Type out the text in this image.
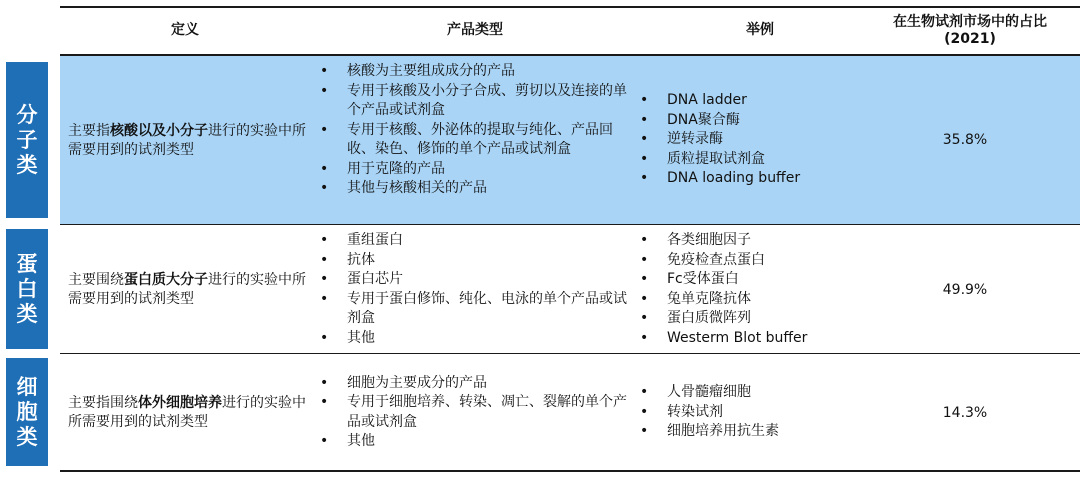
定义	产品类型	举例
在生物试剂市场中的占比
(2021)
分
子
类
主要指核酸以及小分子进行的实验中所需要用到的试剂类型
• 核酸为主要组成成分的产品
• 专用于核酸及小分子合成、剪切以及连接的单个产品或试剂盒
• 专用于核酸、外泌体的提取与纯化、产品回收、染色、修饰的单个产品或试剂盒
• 用于克隆的产品
• 其他与核酸相关的产品
• DNA ladder
• DNA聚合酶
• 逆转录酶
• 质粒提取试剂盒
• DNA loading buffer
35.8%
蛋
白
类
主要围绕蛋白质大分子进行的实验中所需要用到的试剂类型
• 重组蛋白
• 抗体
• 蛋白芯片
• 专用于蛋白修饰、纯化、电泳的单个产品或试剂盒
• 其他
• 各类细胞因子
• 免疫检查点蛋白
• Fc受体蛋白
• 兔单克隆抗体
• 蛋白质微阵列
• Westerm Blot buffer
49.9%
细
胞
类
主要指围绕体外细胞培养进行的实验中所需要用到的试剂类型
• 细胞为主要成分的产品
• 专用于细胞培养、转染、凋亡、裂解的单个产品或试剂盒
• 其他
• 人骨髓瘤细胞
• 转染试剂
• 细胞培养用抗生素
14.3%
